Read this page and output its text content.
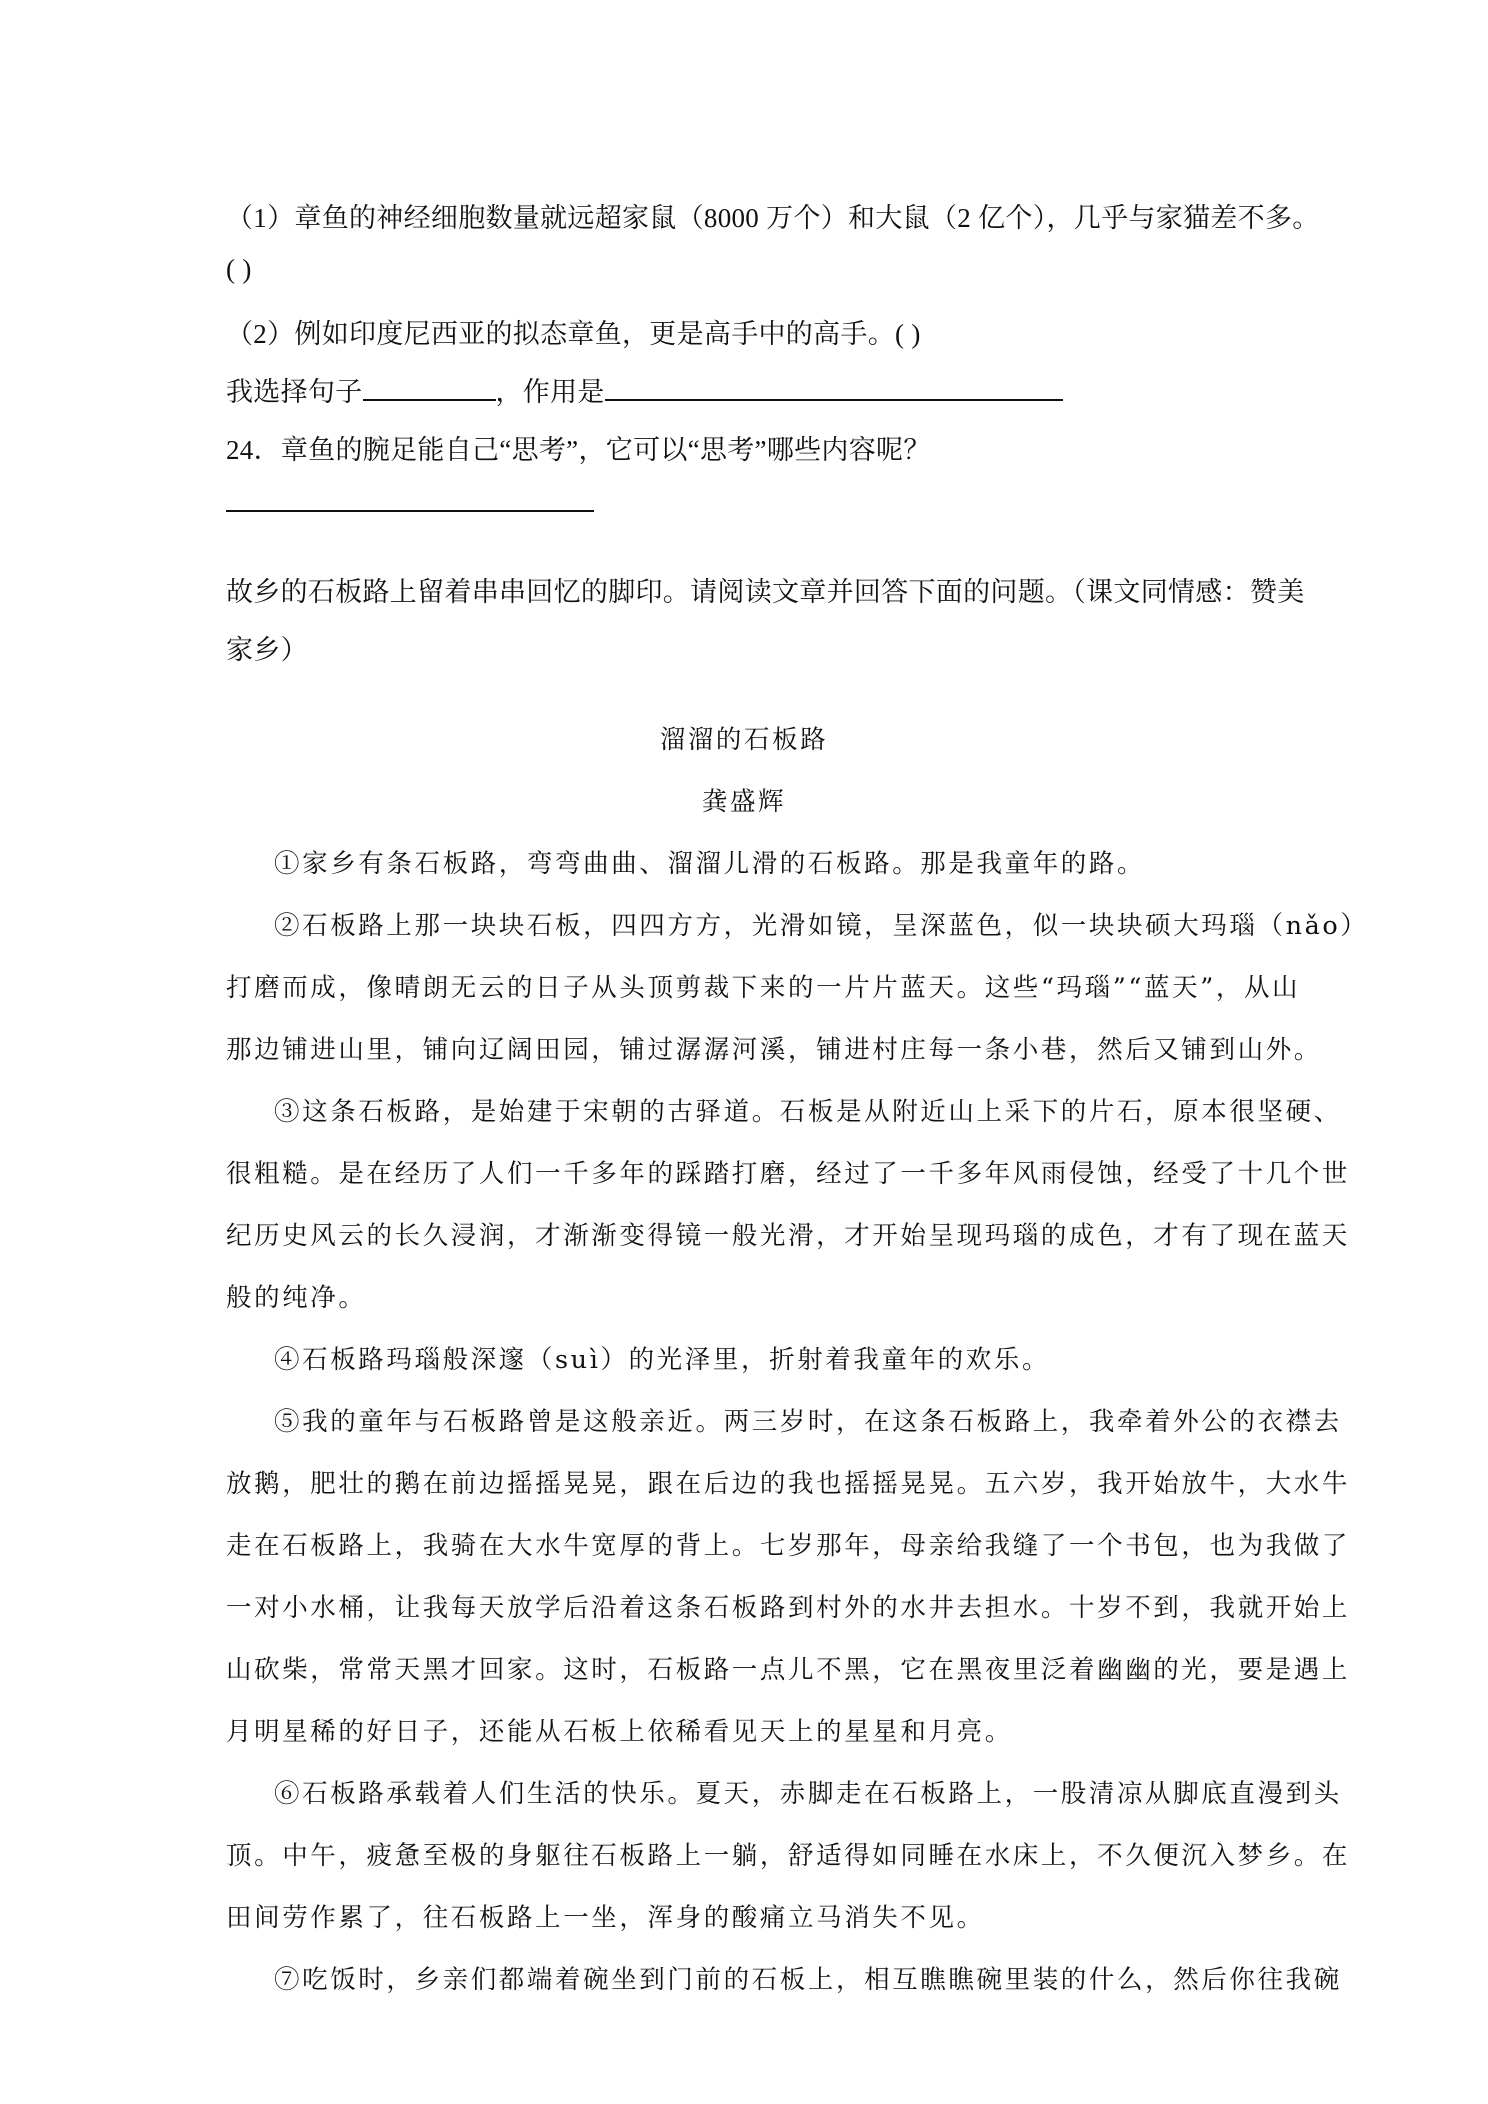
（1）章鱼的神经细胞数量就远超家鼠（8000 万个）和大鼠（2 亿个），几乎与家猫差不多。
( )
（2）例如印度尼西亚的拟态章鱼，更是高手中的高手。( )
我选择句子	，作用是
24．章鱼的腕足能自己“思考”，它可以“思考”哪些内容呢？
故乡的石板路上留着串串回忆的脚印。请阅读文章并回答下面的问题。（课文同情感：赞美
家乡）
溜溜的石板路
龚盛辉
①家乡有条石板路，弯弯曲曲、溜溜儿滑的石板路。那是我童年的路。
②石板路上那一块块石板，四四方方，光滑如镜，呈深蓝色，似一块块硕大玛瑙（nǎo）
打磨而成，像晴朗无云的日子从头顶剪裁下来的一片片蓝天。这些“玛瑙”“蓝天”，从山
那边铺进山里，铺向辽阔田园，铺过潺潺河溪，铺进村庄每一条小巷，然后又铺到山外。
③这条石板路，是始建于宋朝的古驿道。石板是从附近山上采下的片石，原本很坚硬、
很粗糙。是在经历了人们一千多年的踩踏打磨，经过了一千多年风雨侵蚀，经受了十几个世
纪历史风云的长久浸润，才渐渐变得镜一般光滑，才开始呈现玛瑙的成色，才有了现在蓝天
般的纯净。
④石板路玛瑙般深邃（suì）的光泽里，折射着我童年的欢乐。
⑤我的童年与石板路曾是这般亲近。两三岁时，在这条石板路上，我牵着外公的衣襟去
放鹅，肥壮的鹅在前边摇摇晃晃，跟在后边的我也摇摇晃晃。五六岁，我开始放牛，大水牛
走在石板路上，我骑在大水牛宽厚的背上。七岁那年，母亲给我缝了一个书包，也为我做了
一对小水桶，让我每天放学后沿着这条石板路到村外的水井去担水。十岁不到，我就开始上
山砍柴，常常天黑才回家。这时，石板路一点儿不黑，它在黑夜里泛着幽幽的光，要是遇上
月明星稀的好日子，还能从石板上依稀看见天上的星星和月亮。
⑥石板路承载着人们生活的快乐。夏天，赤脚走在石板路上，一股清凉从脚底直漫到头
顶。中午，疲惫至极的身躯往石板路上一躺，舒适得如同睡在水床上，不久便沉入梦乡。在
田间劳作累了，往石板路上一坐，浑身的酸痛立马消失不见。
⑦吃饭时，乡亲们都端着碗坐到门前的石板上，相互瞧瞧碗里装的什么，然后你往我碗
